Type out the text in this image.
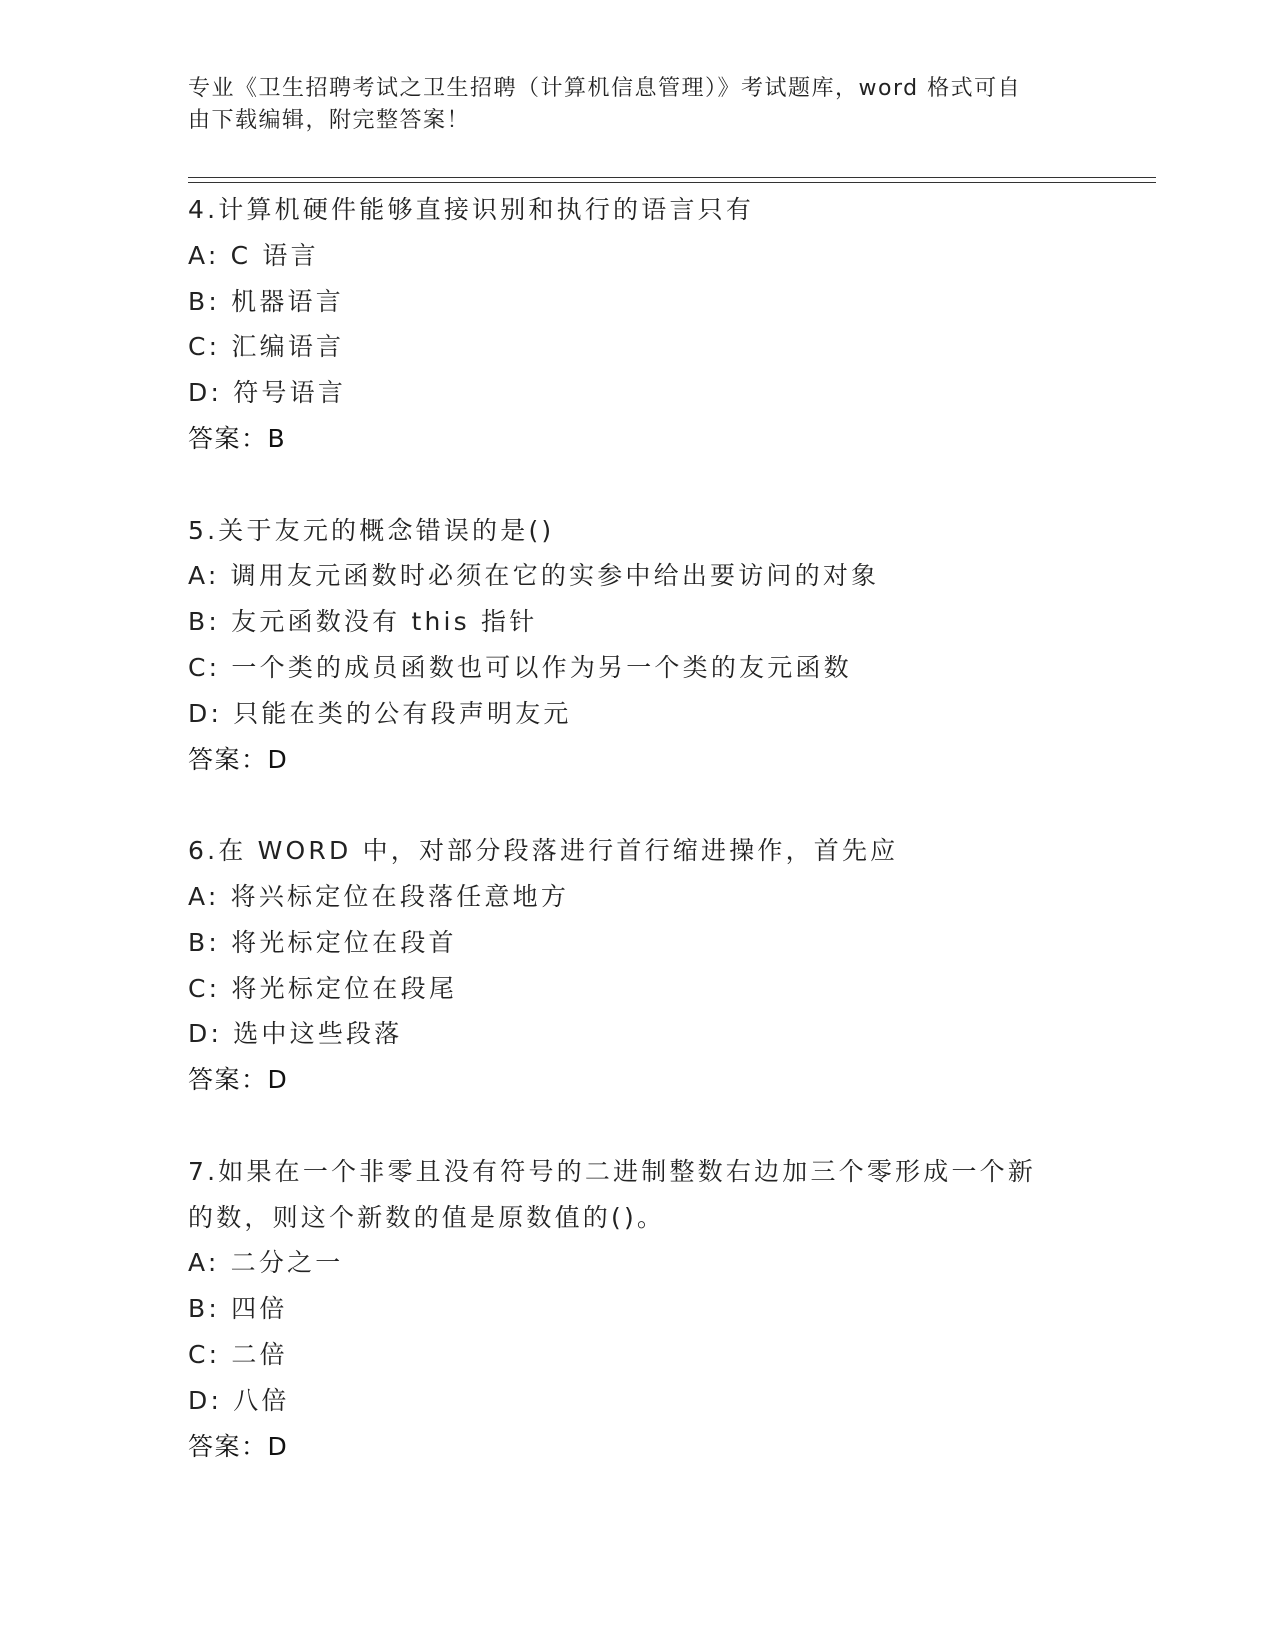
专业《卫生招聘考试之卫生招聘（计算机信息管理）》考试题库，word 格式可自
由下载编辑，附完整答案！
4.计算机硬件能够直接识别和执行的语言只有
A: C 语言
B: 机器语言
C: 汇编语言
D: 符号语言
答案：B
5.关于友元的概念错误的是()
A: 调用友元函数时必须在它的实参中给出要访问的对象
B: 友元函数没有 this 指针
C: 一个类的成员函数也可以作为另一个类的友元函数
D: 只能在类的公有段声明友元
答案：D
6.在 WORD 中，对部分段落进行首行缩进操作，首先应
A: 将兴标定位在段落任意地方
B: 将光标定位在段首
C: 将光标定位在段尾
D: 选中这些段落
答案：D
7.如果在一个非零且没有符号的二进制整数右边加三个零形成一个新
的数，则这个新数的值是原数值的()。
A: 二分之一
B: 四倍
C: 二倍
D: 八倍
答案：D
